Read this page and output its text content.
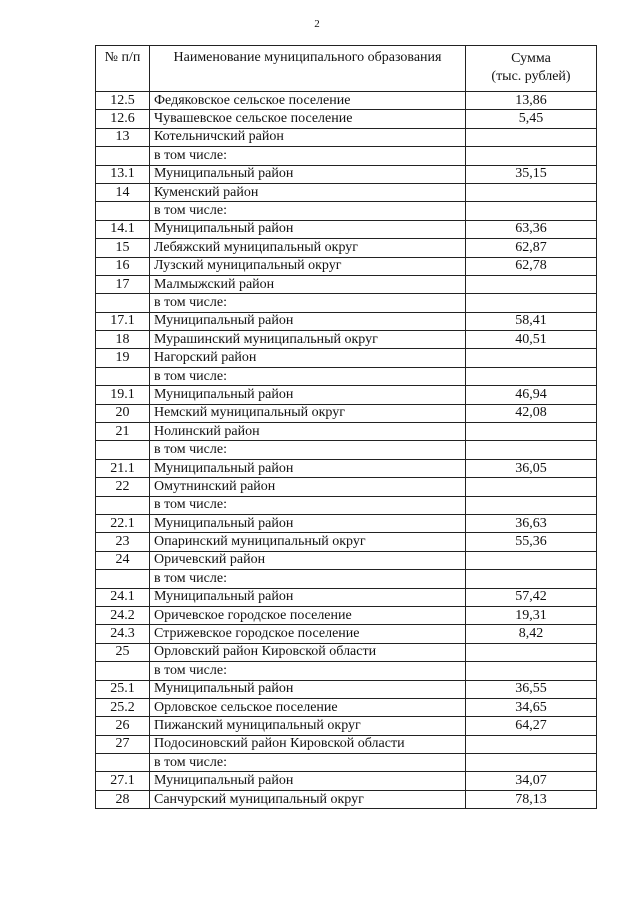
2
№ п/п	Наименование муниципального образования	Сумма
(тыс. рублей)
12.5	Федяковское сельское поселение	13,86
12.6	Чувашевское сельское поселение	5,45
13	Котельничский район	
	в том числе:	
13.1	Муниципальный район	35,15
14	Куменский район	
	в том числе:	
14.1	Муниципальный район	63,36
15	Лебяжский муниципальный округ	62,87
16	Лузский муниципальный округ	62,78
17	Малмыжский район	
	в том числе:	
17.1	Муниципальный район	58,41
18	Мурашинский муниципальный округ	40,51
19	Нагорский район	
	в том числе:	
19.1	Муниципальный район	46,94
20	Немский муниципальный округ	42,08
21	Нолинский район	
	в том числе:	
21.1	Муниципальный район	36,05
22	Омутнинский район	
	в том числе:	
22.1	Муниципальный район	36,63
23	Опаринский муниципальный округ	55,36
24	Оричевский район	
	в том числе:	
24.1	Муниципальный район	57,42
24.2	Оричевское городское поселение	19,31
24.3	Стрижевское городское поселение	8,42
25	Орловский район Кировской области	
	в том числе:	
25.1	Муниципальный район	36,55
25.2	Орловское сельское поселение	34,65
26	Пижанский муниципальный округ	64,27
27	Подосиновский район Кировской области	
	в том числе:	
27.1	Муниципальный район	34,07
28	Санчурский муниципальный округ	78,13
